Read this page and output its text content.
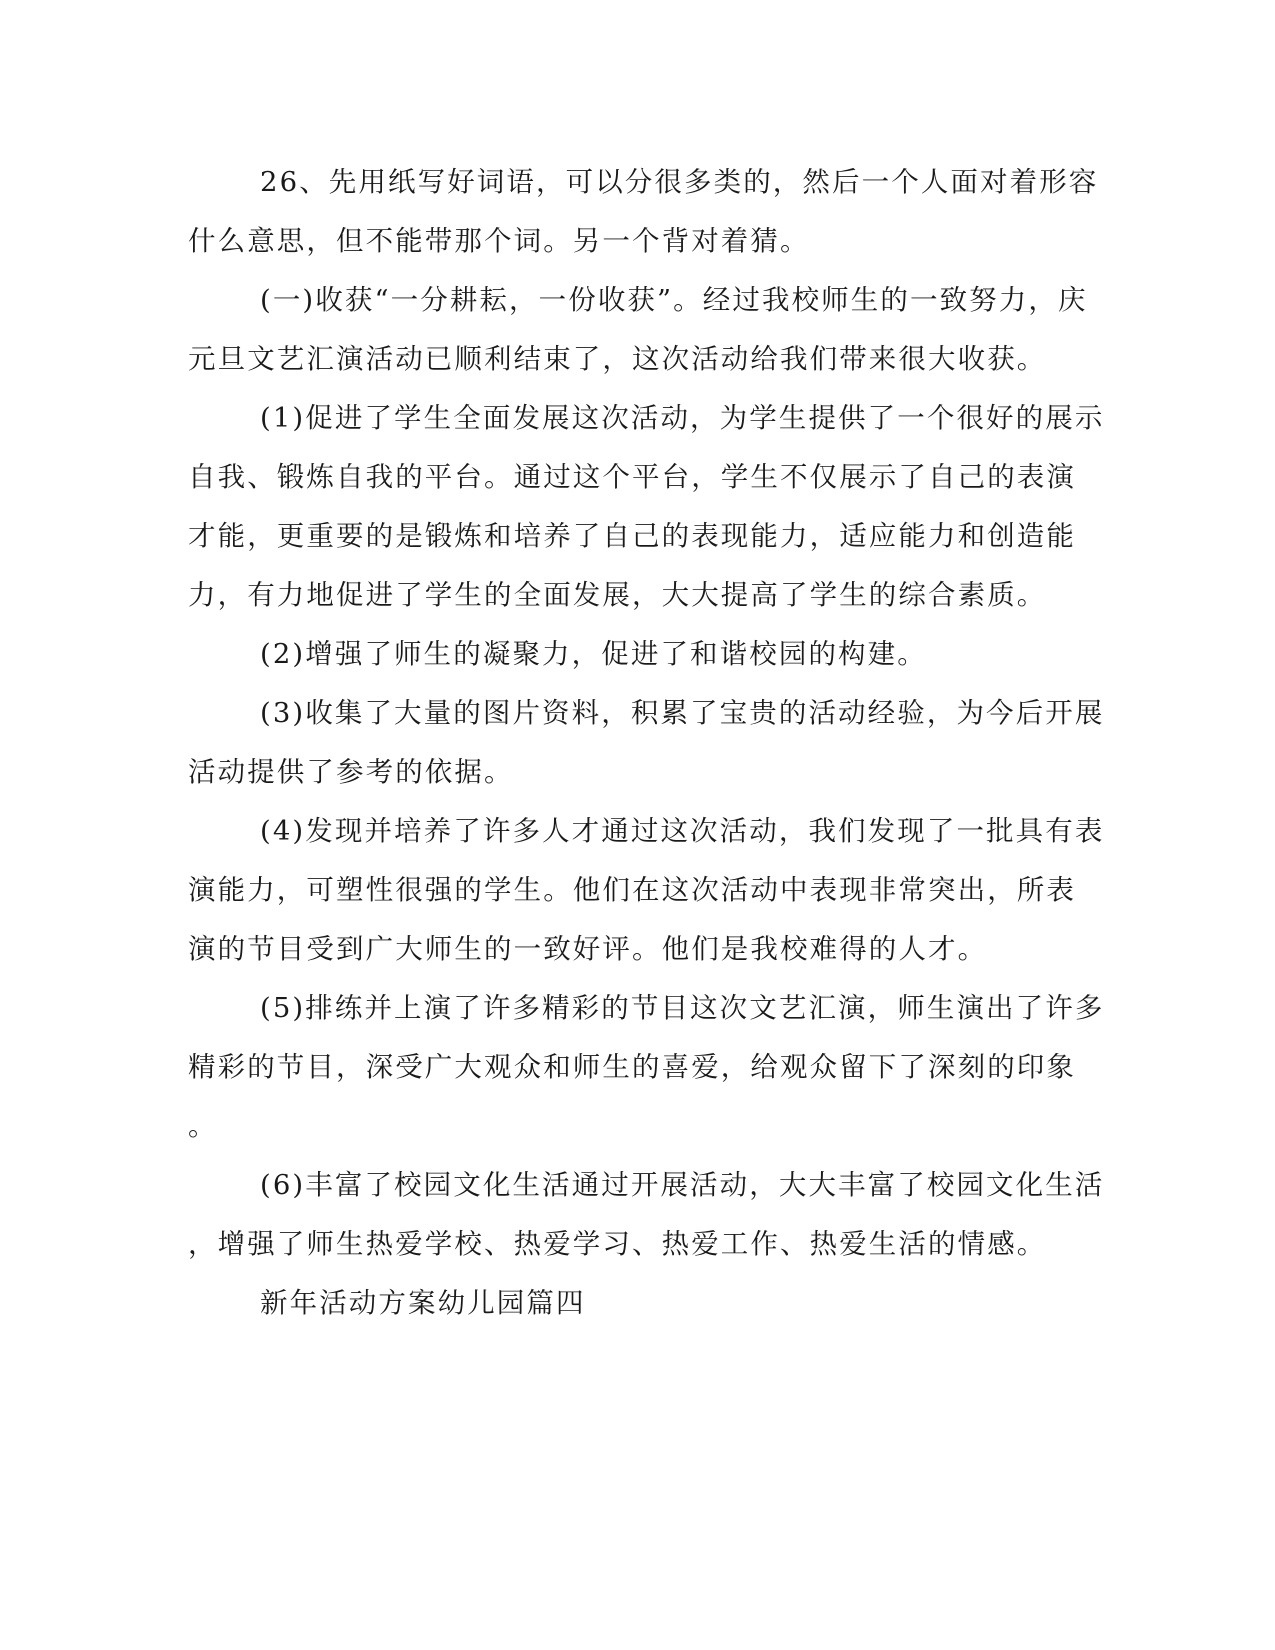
26、先用纸写好词语，可以分很多类的，然后一个人面对着形容
什么意思，但不能带那个词。另一个背对着猜。
(一)收获“一分耕耘，一份收获”。经过我校师生的一致努力，庆
元旦文艺汇演活动已顺利结束了，这次活动给我们带来很大收获。
(1)促进了学生全面发展这次活动，为学生提供了一个很好的展示
自我、锻炼自我的平台。通过这个平台，学生不仅展示了自己的表演
才能，更重要的是锻炼和培养了自己的表现能力，适应能力和创造能
力，有力地促进了学生的全面发展，大大提高了学生的综合素质。
(2)增强了师生的凝聚力，促进了和谐校园的构建。
(3)收集了大量的图片资料，积累了宝贵的活动经验，为今后开展
活动提供了参考的依据。
(4)发现并培养了许多人才通过这次活动，我们发现了一批具有表
演能力，可塑性很强的学生。他们在这次活动中表现非常突出，所表
演的节目受到广大师生的一致好评。他们是我校难得的人才。
(5)排练并上演了许多精彩的节目这次文艺汇演，师生演出了许多
精彩的节目，深受广大观众和师生的喜爱，给观众留下了深刻的印象
。
(6)丰富了校园文化生活通过开展活动，大大丰富了校园文化生活
，增强了师生热爱学校、热爱学习、热爱工作、热爱生活的情感。
新年活动方案幼儿园篇四
